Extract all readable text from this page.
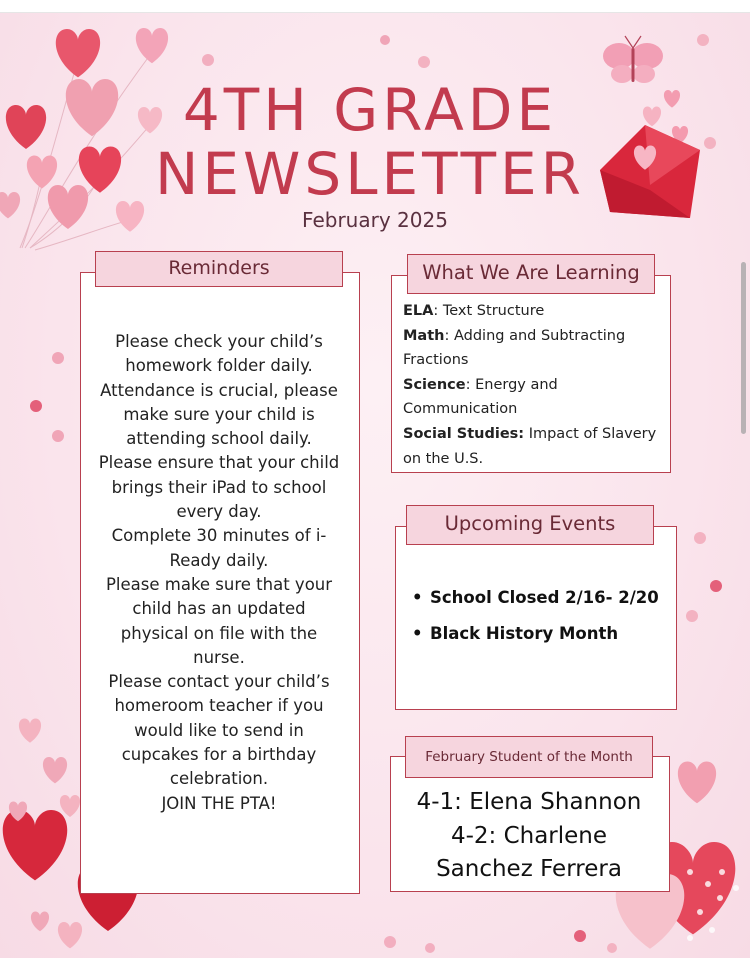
4TH GRADE
NEWSLETTER
February 2025
Reminders
Please check your child’s
homework folder daily.
Attendance is crucial, please
make sure your child is
attending school daily.
Please ensure that your child
brings their iPad to school
every day.
Complete 30 minutes of i-
Ready daily.
Please make sure that your
child has an updated
physical on file with the
nurse.
Please contact your child’s
homeroom teacher if you
would like to send in
cupcakes for a birthday
celebration.
JOIN THE PTA!
What We Are Learning
ELA: Text Structure
Math: Adding and Subtracting Fractions
Science: Energy and Communication
Social Studies: Impact of Slavery on the U.S.
Upcoming Events
• School Closed 2/16- 2/20
• Black History Month
February Student of the Month
4-1: Elena Shannon
4-2: Charlene
Sanchez Ferrera
